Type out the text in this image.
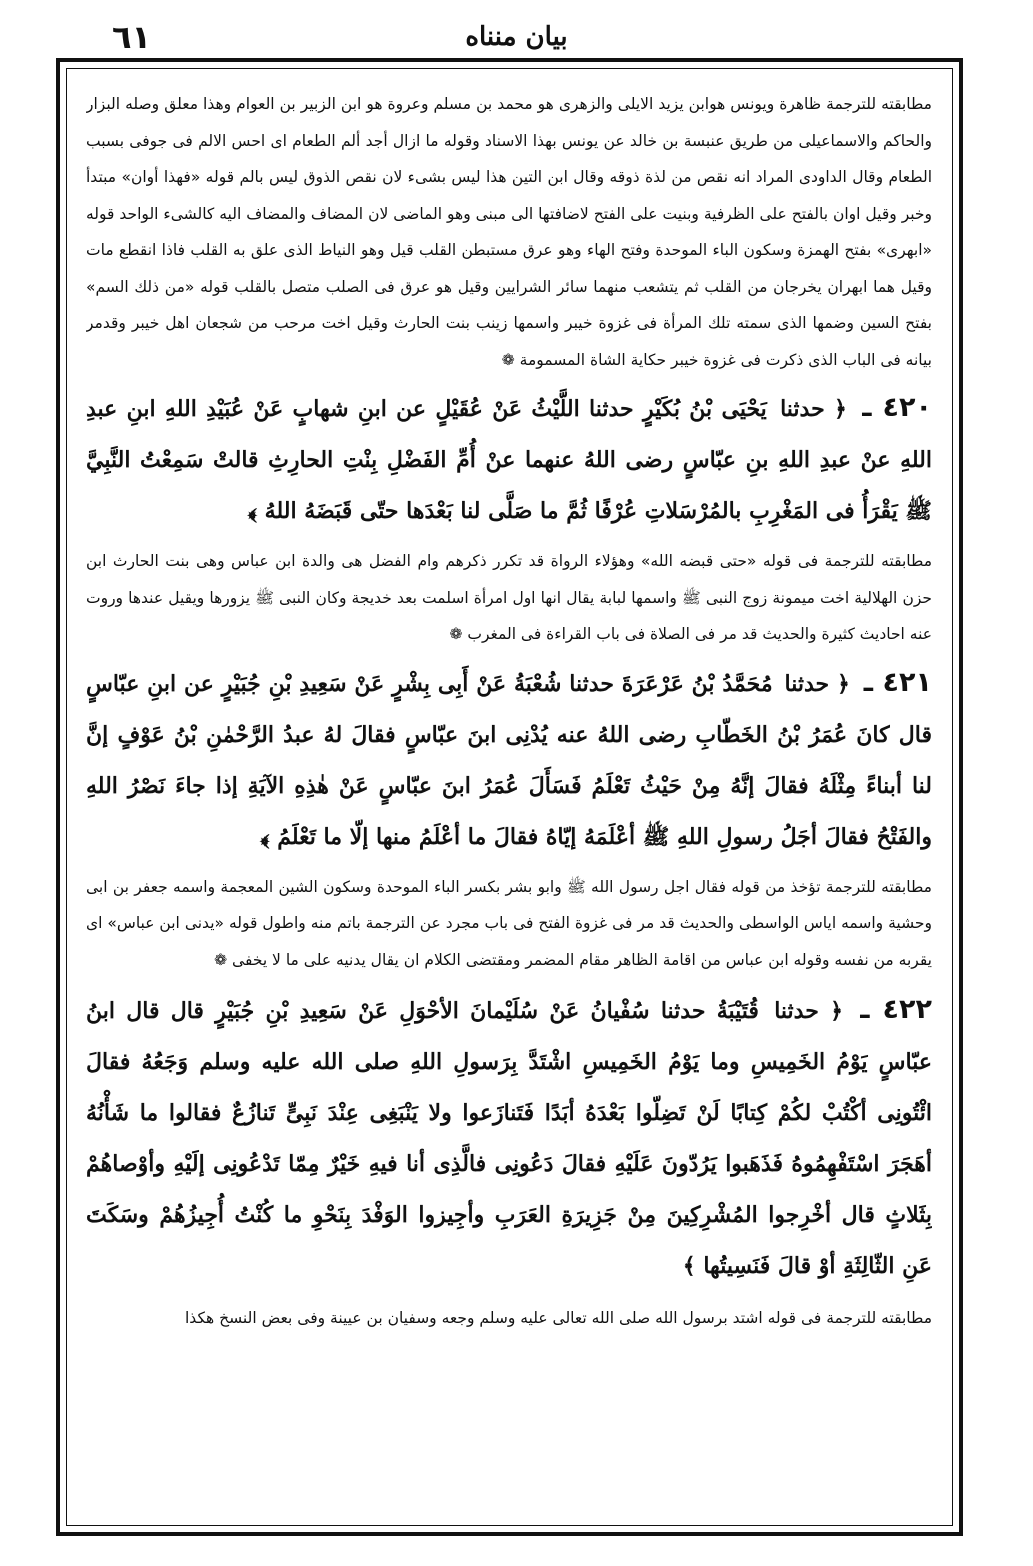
٦١	بيان منناه

مطابقته للترجمة ظاهرة ويونس هوابن يزيد الايلى والزهرى هو محمد بن مسلم وعروة هو ابن الزبير بن العوام وهذا معلق وصله البزار والحاكم والاسماعيلى من طريق عنبسة بن خالد عن يونس بهذا الاسناد وقوله ما ازال أجد ألم الطعام اى احس الالم فى جوفى بسبب الطعام وقال الداودى المراد انه نقص من لذة ذوقه وقال ابن التين هذا ليس بشىء لان نقص الذوق ليس بالم قوله «فهذا أوان» مبتدأ وخبر وقيل اوان بالفتح على الظرفية وبنيت على الفتح لاضافتها الى مبنى وهو الماضى لان المضاف والمضاف اليه كالشىء الواحد قوله «ابهرى» بفتح الهمزة وسكون الباء الموحدة وفتح الهاء وهو عرق مستبطن القلب قيل وهو النياط الذى علق به القلب فاذا انقطع مات وقيل هما ابهران يخرجان من القلب ثم يتشعب منهما سائر الشرايين وقيل هو عرق فى الصلب متصل بالقلب قوله «من ذلك السم» بفتح السين وضمها الذى سمته تلك المرأة فى غزوة خيبر واسمها زينب بنت الحارث وقيل اخت مرحب من شجعان اهل خيبر وقدمر بيانه فى الباب الذى ذكرت فى غزوة خيبر حكاية الشاة المسمومة ❁

٤٢٠ ـ ﴿ حدثنا يَحْيَى بْنُ بُكَيْرٍ حدثنا اللَّيْثُ عَنْ عُقَيْلٍ عن ابنِ شهابٍ عَنْ عُبَيْدِ اللهِ ابنِ عبدِ اللهِ عنْ عبدِ اللهِ بنِ عبّاسٍ رضى اللهُ عنهما عنْ أُمِّ الفَضْلِ بِنْتِ الحارِثِ قالتْ سَمِعْتُ النَّبِيَّ ﷺ يَقْرَأُ فى المَغْرِبِ بالمُرْسَلاتِ عُرْفًا ثُمَّ ما صَلَّى لنا بَعْدَها حتّى قَبَضَهُ اللهُ ﴾

مطابقته للترجمة فى قوله «حتى قبضه الله» وهؤلاء الرواة قد تكرر ذكرهم وام الفضل هى والدة ابن عباس وهى بنت الحارث ابن حزن الهلالية اخت ميمونة زوج النبى ﷺ واسمها لبابة يقال انها اول امرأة اسلمت بعد خديجة وكان النبى ﷺ يزورها ويقيل عندها وروت عنه احاديث كثيرة والحديث قد مر فى الصلاة فى باب القراءة فى المغرب ❁

٤٢١ ـ ﴿ حدثنا مُحَمَّدُ بْنُ عَرْعَرَةَ حدثنا شُعْبَةُ عَنْ أَبِى بِشْرٍ عَنْ سَعِيدِ بْنِ جُبَيْرٍ عن ابنِ عبّاسٍ قال كانَ عُمَرُ بْنُ الخَطّابِ رضى اللهُ عنه يُدْنِى ابنَ عبّاسٍ فقالَ لهُ عبدُ الرَّحْمٰنِ بْنُ عَوْفٍ إنَّ لنا أبناءً مِثْلَهُ فقالَ إنَّهُ مِنْ حَيْثُ تَعْلَمُ فَسَأَلَ عُمَرُ ابنَ عبّاسٍ عَنْ هٰذِهِ الآيَةِ إذا جاءَ نَصْرُ اللهِ والفَتْحُ فقالَ أجَلُ رسولِ اللهِ ﷺ أعْلَمَهُ إيّاهُ فقالَ ما أعْلَمُ منها إلّا ما تَعْلَمُ ﴾

مطابقته للترجمة تؤخذ من قوله فقال اجل رسول الله ﷺ وابو بشر بكسر الباء الموحدة وسكون الشين المعجمة واسمه جعفر بن ابى وحشية واسمه اياس الواسطى والحديث قد مر فى غزوة الفتح فى باب مجرد عن الترجمة باتم منه واطول قوله «يدنى ابن عباس» اى يقربه من نفسه وقوله ابن عباس من اقامة الظاهر مقام المضمر ومقتضى الكلام ان يقال يدنيه على ما لا يخفى ❁

٤٢٢ ـ ﴿ حدثنا قُتَيْبَةُ حدثنا سُفْيانُ عَنْ سُلَيْمانَ الأحْوَلِ عَنْ سَعِيدِ بْنِ جُبَيْرٍ قال قال ابنُ عبّاسٍ يَوْمُ الخَمِيسِ وما يَوْمُ الخَمِيسِ اشْتَدَّ بِرَسولِ اللهِ صلى الله عليه وسلم وَجَعُهُ فقالَ ائْتُونِى أكْتُبْ لكُمْ كِتابًا لَنْ تَضِلّوا بَعْدَهُ أبَدًا فَتَنازَعوا ولا يَنْبَغِى عِنْدَ نَبِىٍّ تَنازُعٌ فقالوا ما شَأْنُهُ أهَجَرَ اسْتَفْهِمُوهُ فَذَهَبوا يَرُدّونَ عَلَيْهِ فقالَ دَعُونِى فالَّذِى أنا فيهِ خَيْرٌ مِمّا تَدْعُونِى إلَيْهِ وأوْصاهُمْ بِثَلاثٍ قال أخْرِجوا المُشْرِكِينَ مِنْ جَزِيرَةِ العَرَبِ وأجِيزوا الوَفْدَ بِنَحْوِ ما كُنْتُ أُجِيزُهُمْ وسَكَتَ عَنِ الثّالِثَةِ أوْ قالَ فَنَسِيتُها ﴾

مطابقته للترجمة فى قوله اشتد برسول الله صلى الله تعالى عليه وسلم وجعه وسفيان بن عيينة وفى بعض النسخ هكذا
